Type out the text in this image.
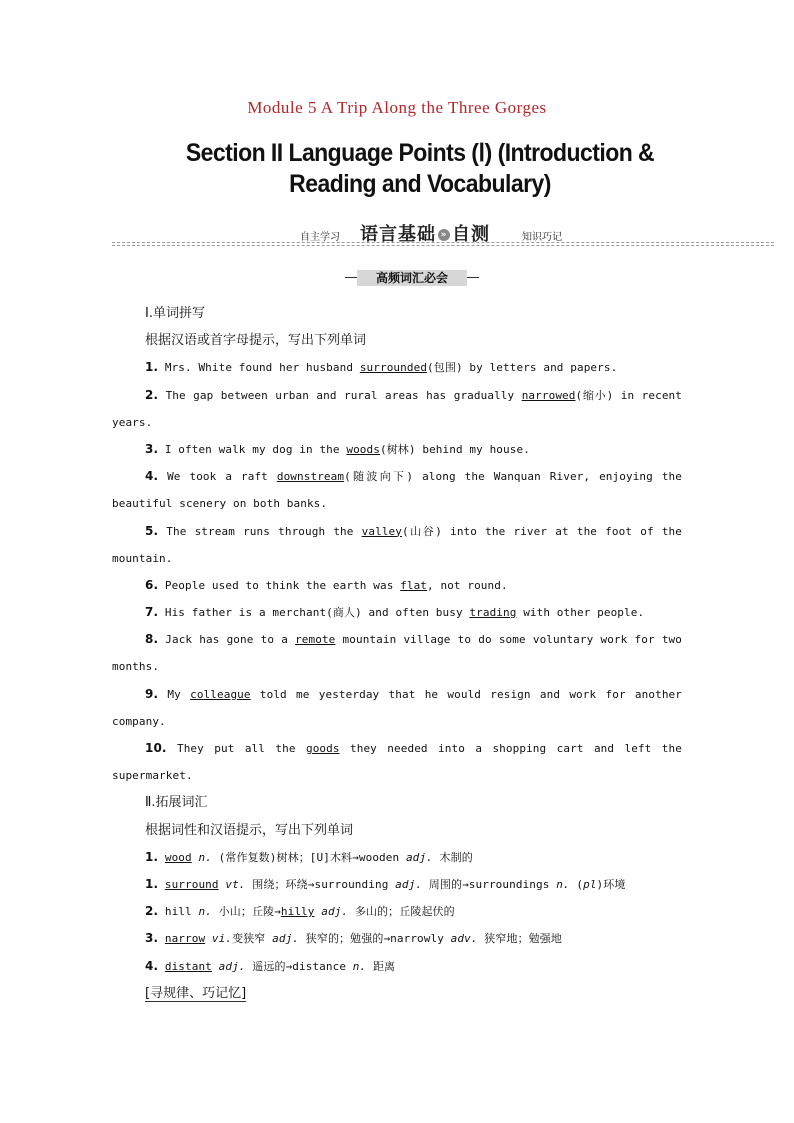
Module 5 A Trip Along the Three Gorges
Section II Language Points (Ⅰ) (Introduction &
Reading and Vocabulary)
自主学习 语言基础 » 自测	知识巧记
高频词汇必会
Ⅰ.单词拼写
根据汉语或首字母提示，写出下列单词
1. Mrs. White found her husband surrounded(包围) by letters and papers.
2. The gap between urban and rural areas has gradually narrowed(缩小) in recent
years.
3. I often walk my dog in the woods(树林) behind my house.
4. We took a raft downstream(随波向下) along the Wanquan River, enjoying the
beautiful scenery on both banks.
5. The stream runs through the valley(山谷) into the river at the foot of the
mountain.
6. People used to think the earth was flat, not round.
7. His father is a merchant(商人) and often busy trading with other people.
8. Jack has gone to a remote mountain village to do some voluntary work for two
months.
9. My colleague told me yesterday that he would resign and work for another
company.
10. They put all the goods they needed into a shopping cart and left the
supermarket.
Ⅱ.拓展词汇
根据词性和汉语提示，写出下列单词
1. wood n. (常作复数)树林；[U]木料→wooden adj. 木制的
1. surround vt. 围绕；环绕→surrounding adj. 周围的→surroundings n. (pl)环境
2. hill n. 小山；丘陵→hilly adj. 多山的；丘陵起伏的
3. narrow vi.变狭窄 adj. 狭窄的；勉强的→narrowly adv. 狭窄地；勉强地
4. distant adj. 遥远的→distance n. 距离
[寻规律、巧记忆]
